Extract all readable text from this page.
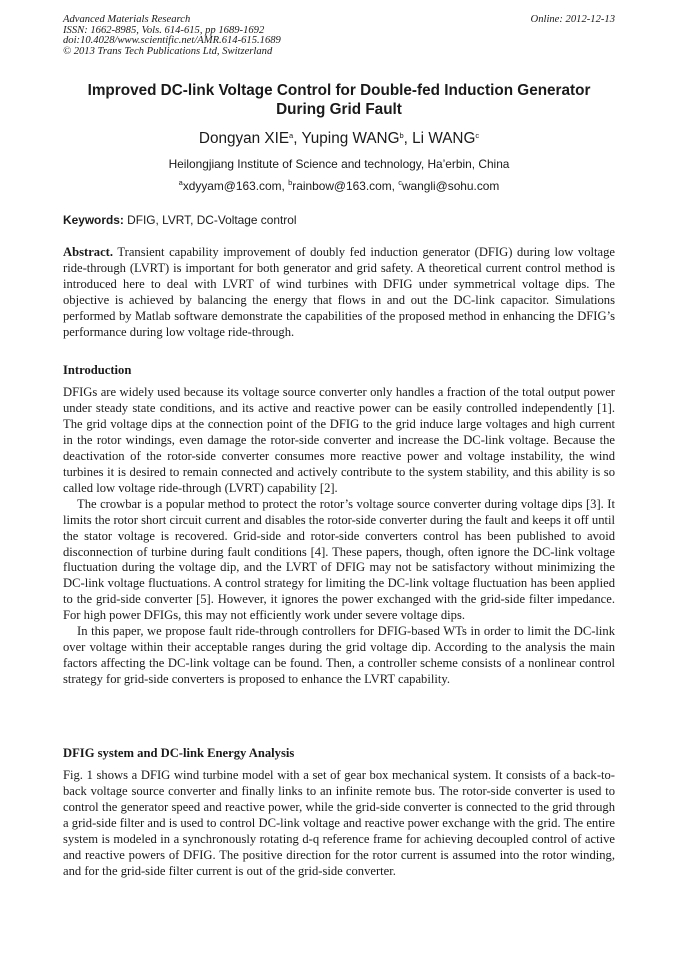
Advanced Materials Research
ISSN: 1662-8985, Vols. 614-615, pp 1689-1692
doi:10.4028/www.scientific.net/AMR.614-615.1689
© 2013 Trans Tech Publications Ltd, Switzerland
Online: 2012-12-13
Improved DC-link Voltage Control for Double-fed Induction Generator
During Grid Fault
Dongyan XIE$^a$, Yuping WANG$^b$, Li WANG$^c$
Heilongjiang Institute of Science and technology, Ha’erbin, China
$^a$xdyyam@163.com, $^b$rainbow@163.com, $^c$wangli@sohu.com
Keywords: DFIG, LVRT, DC-Voltage control

Abstract. Transient capability improvement of doubly fed induction generator (DFIG) during low voltage ride-through (LVRT) is important for both generator and grid safety. A theoretical current control method is introduced here to deal with LVRT of wind turbines with DFIG under symmetrical voltage dips. The objective is achieved by balancing the energy that flows in and out the DC-link capacitor. Simulations performed by Matlab software demonstrate the capabilities of the proposed method in enhancing the DFIG’s performance during low voltage ride-through.

Introduction

DFIGs are widely used because its voltage source converter only handles a fraction of the total output power under steady state conditions, and its active and reactive power can be easily controlled independently [1]. The grid voltage dips at the connection point of the DFIG to the grid induce large voltages and high current in the rotor windings, even damage the rotor-side converter and increase the DC-link voltage. Because the deactivation of the rotor-side converter consumes more reactive power and voltage instability, the wind turbines it is desired to remain connected and actively contribute to the system stability, and this ability is so called low voltage ride-through (LVRT) capability [2].

The crowbar is a popular method to protect the rotor’s voltage source converter during voltage dips [3]. It limits the rotor short circuit current and disables the rotor-side converter during the fault and keeps it off until the stator voltage is recovered. Grid-side and rotor-side converters control has been published to avoid disconnection of turbine during fault conditions [4]. These papers, though, often ignore the DC-link voltage fluctuation during the voltage dip, and the LVRT of DFIG may not be satisfactory without minimizing the DC-link voltage fluctuations. A control strategy for limiting the DC-link voltage fluctuation has been applied to the grid-side converter [5]. However, it ignores the power exchanged with the grid-side filter impedance. For high power DFIGs, this may not efficiently work under severe voltage dips.

In this paper, we propose fault ride-through controllers for DFIG-based WTs in order to limit the DC-link over voltage within their acceptable ranges during the grid voltage dip. According to the analysis the main factors affecting the DC-link voltage can be found. Then, a controller scheme consists of a nonlinear control strategy for grid-side converters is proposed to enhance the LVRT capability.

DFIG system and DC-link Energy Analysis

Fig. 1 shows a DFIG wind turbine model with a set of gear box mechanical system. It consists of a back-to-back voltage source converter and finally links to an infinite remote bus. The rotor-side converter is used to control the generator speed and reactive power, while the grid-side converter is connected to the grid through a grid-side filter and is used to control DC-link voltage and reactive power exchange with the grid. The entire system is modeled in a synchronously rotating d-q reference frame for achieving decoupled control of active and reactive powers of DFIG. The positive direction for the rotor current is assumed into the rotor winding, and for the grid-side filter current is out of the grid-side converter.
